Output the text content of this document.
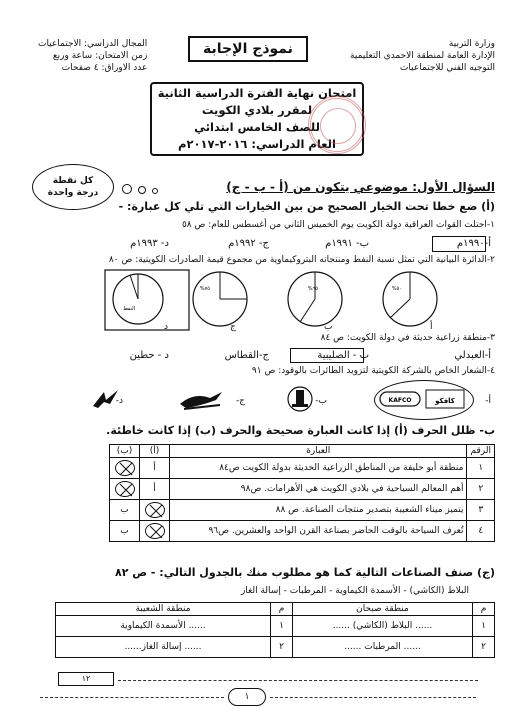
وزارة التربية
الإدارة العامة لمنطقة الاحمدي التعليمية
التوجيه الفني للاجتماعيات
المجال الدراسي: الاجتماعيات
زمن الامتحان: ساعة وربع
عدد الاوراق: ٤ صفحات
نموذج الإجابة
امتحان نهاية الفترة الدراسية الثانية
لمقرر بلادي الكويت
للصف الخامس ابتدائي
العام الدراسي: ٢٠١٦-٢٠١٧م
كل نقطة درجة واحدة	السؤال الأول: موضوعي يتكون من (أ - ب - ج)
(أ) ضع خطا تحت الخيار الصحيح من بين الخيارات التي تلي كل عبارة: -
١-احتلت القوات العراقية دولة الكويت يوم الخميس الثاني من أغسطس للعام: ص ٥٨
أ-١٩٩٠م
ب- ١٩٩١م
ج- ١٩٩٢م
د- ١٩٩٣م
٢-الدائرة البيانية التي تمثل نسبة النفط ومنتجاته البتروكيماوية من مجموع قيمة الصادرات الكويتية: ص ٨٠
النفط
٧٥%	٦٥%	٥٠%
د	ج	ب	أ
٣-منطقة زراعية حديثة في دولة الكويت: ص ٨٤
أ-العبدلي
ب - الصليبية
ج-القطاس
د - حطين
٤-الشعار الخاص بالشركة الكويتية لتزويد الطائرات بالوقود: ص ٩١
أ-
KAFCO	كافكو
ب-
ج-
د-
ب- ظلل الحرف (أ) إذا كانت العبارة صحيحة والحرف (ب) إذا كانت خاطئة.
الرقم	العبارة	(أ)	(ب)
١	منطقة أبو حليفة من المناطق الزراعية الحديثة بدولة الكويت ص٨٤	أ	

٢	أهم المعالم السياحية في بلادي الكويت هي الأهرامات. ص٩٨	أ	

٣	يتميز ميناء الشعيبة بتصدير منتجات الصناعة. ص ٨٨		ب
٤	تُعرف السياحة بالوقت الحاضر بصناعة القرن الواحد والعشرين. ص٩٦		ب
(ج) صنف الصناعات التالية كما هو مطلوب منك بالجدول التالي: - ص ٨٢
البلاط (الكاشي) - الأسمدة الكيماوية - المرطبات - إسالة الغاز
م	منطقة صبحان	م	منطقة الشعيبة
١	...... البلاط (الكاشي) ......	١	...... الأسمدة الكيماوية
٢	...... المرطبات ......	٢	...... إسالة الغاز......
١٢
١
